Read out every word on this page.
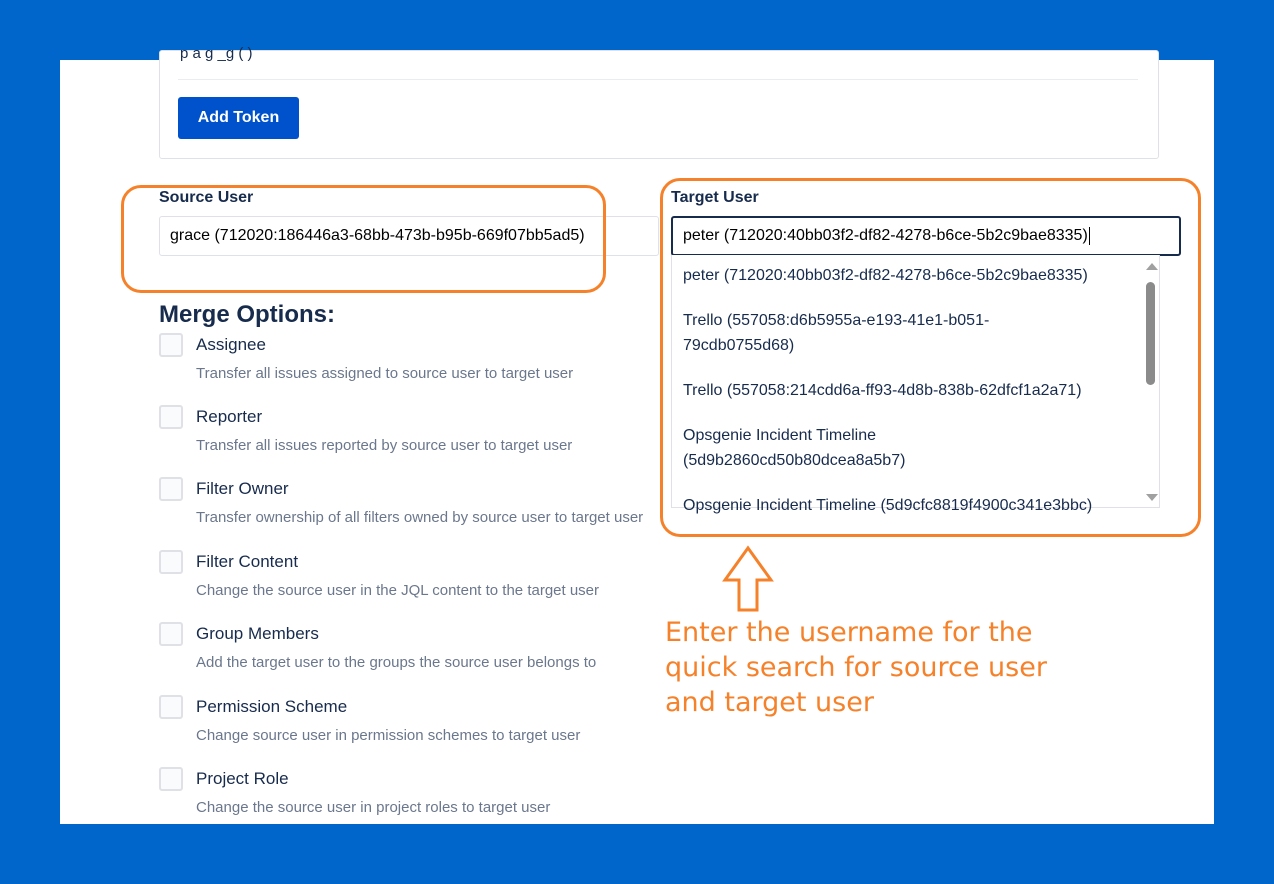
p a g _g ( )
Add Token
Source User
grace (712020:186446a3-68bb-473b-b95b-669f07bb5ad5)
Target User
peter (712020:40bb03f2-df82-4278-b6ce-5b2c9bae8335)
peter (712020:40bb03f2-df82-4278-b6ce-5b2c9bae8335)
Trello (557058:d6b5955a-e193-41e1-b051-79cdb0755d68)
Trello (557058:214cdd6a-ff93-4d8b-838b-62dfcf1a2a71)
Opsgenie Incident Timeline (5d9b2860cd50b80dcea8a5b7)
Opsgenie Incident Timeline (5d9cfc8819f4900c341e3bbc)
Merge Options:
Assignee
Transfer all issues assigned to source user to target user
Reporter
Transfer all issues reported by source user to target user
Filter Owner
Transfer ownership of all filters owned by source user to target user
Filter Content
Change the source user in the JQL content to the target user
Group Members
Add the target user to the groups the source user belongs to
Permission Scheme
Change source user in permission schemes to target user
Project Role
Change the source user in project roles to target user
Enter the username for the quick search for source user and target user
